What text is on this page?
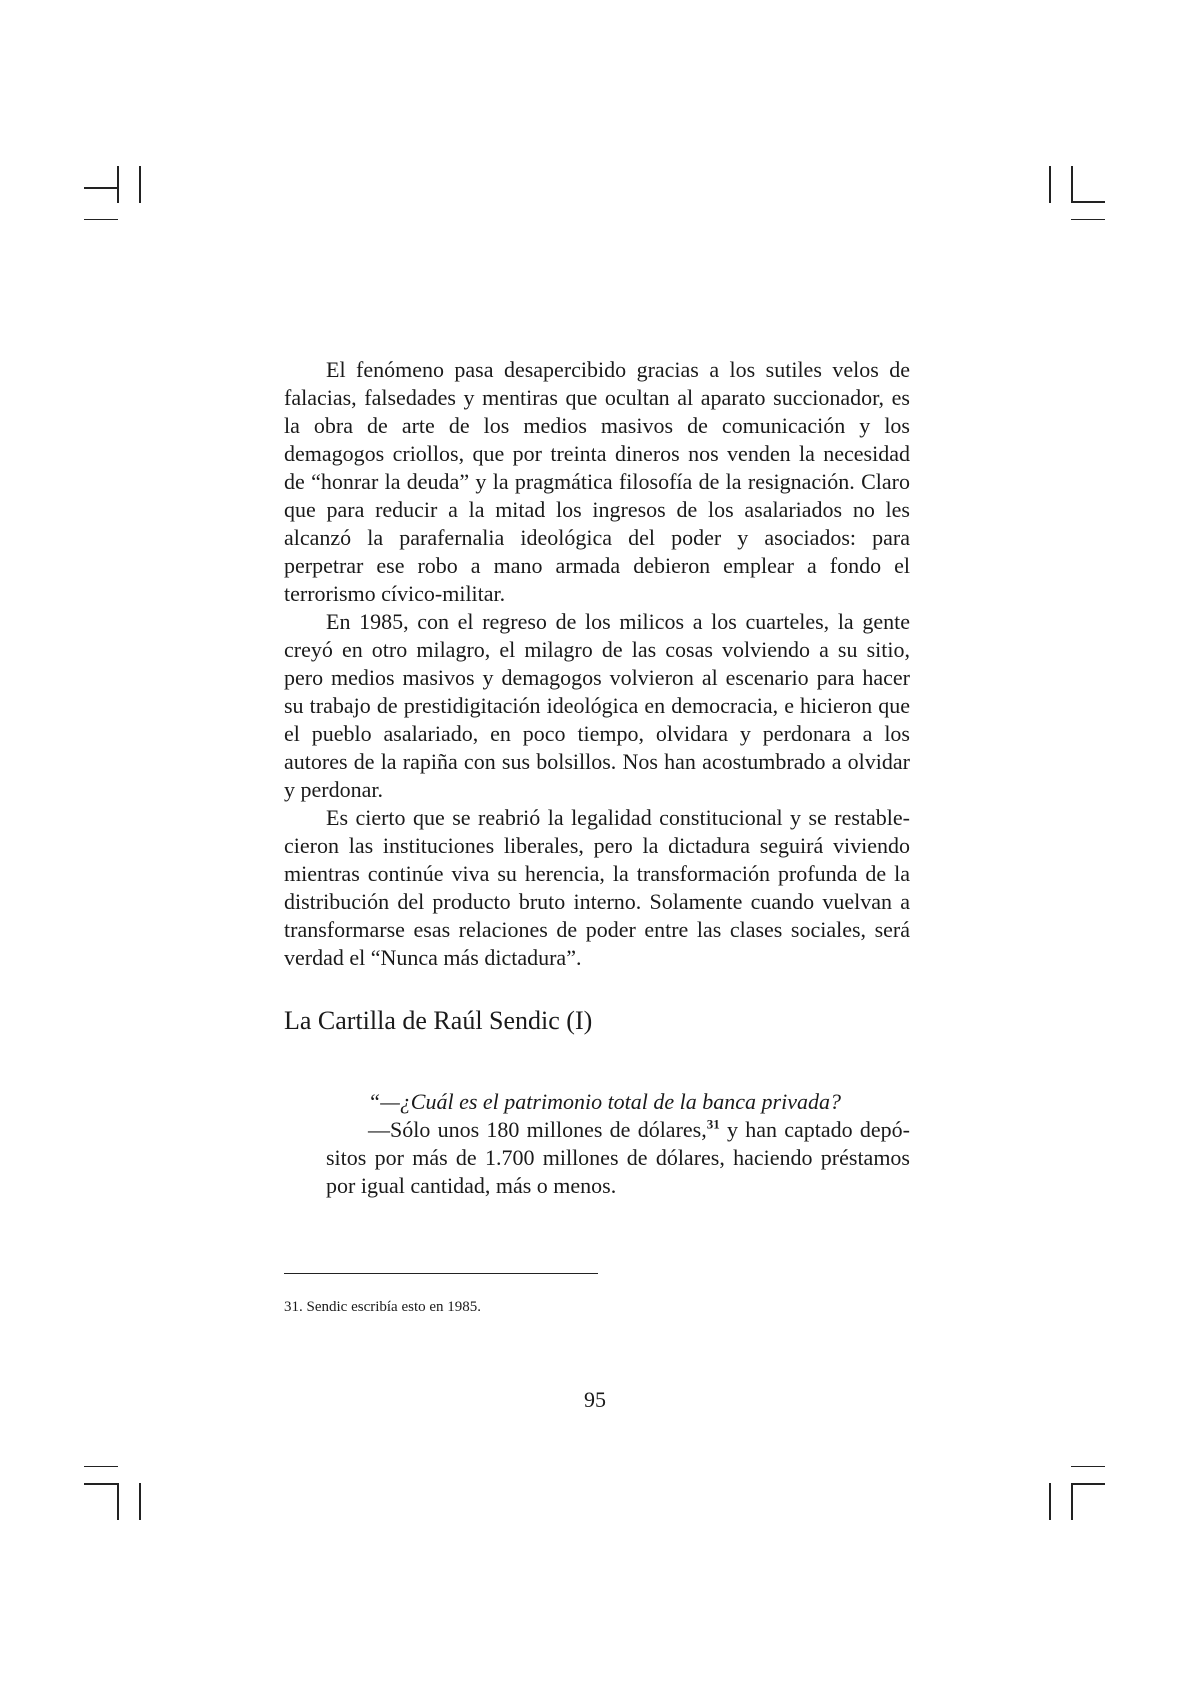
El fenómeno pasa desapercibido gracias a los sutiles velos de falacias, falsedades y mentiras que ocultan al aparato succionador, es la obra de arte de los medios masivos de comunicación y los demagogos criollos, que por treinta dineros nos venden la necesidad de “honrar la deuda” y la pragmática filosofía de la resignación. Claro que para reducir a la mitad los ingresos de los asalariados no les alcanzó la parafernalia ideológica del poder y asociados: para perpetrar ese robo a mano armada debieron emplear a fondo el terrorismo cívico-militar.

En 1985, con el regreso de los milicos a los cuarteles, la gente creyó en otro milagro, el milagro de las cosas volviendo a su sitio, pero medios masivos y demagogos volvieron al escenario para hacer su trabajo de prestidigitación ideológica en democracia, e hicieron que el pueblo asalariado, en poco tiempo, olvidara y perdonara a los autores de la rapiña con sus bolsillos. Nos han acostumbrado a olvidar y perdonar.

Es cierto que se reabrió la legalidad constitucional y se restablecieron las instituciones liberales, pero la dictadura seguirá viviendo mientras continúe viva su herencia, la transformación profunda de la distribución del producto bruto interno. Solamente cuando vuelvan a transformarse esas relaciones de poder entre las clases sociales, será verdad el “Nunca más dictadura”.

La Cartilla de Raúl Sendic (I)

“—¿Cuál es el patrimonio total de la banca privada?

—Sólo unos 180 millones de dólares,$^{31}$ y han captado depósitos por más de 1.700 millones de dólares, haciendo préstamos por igual cantidad, más o menos.

31. Sendic escribía esto en 1985.

95
